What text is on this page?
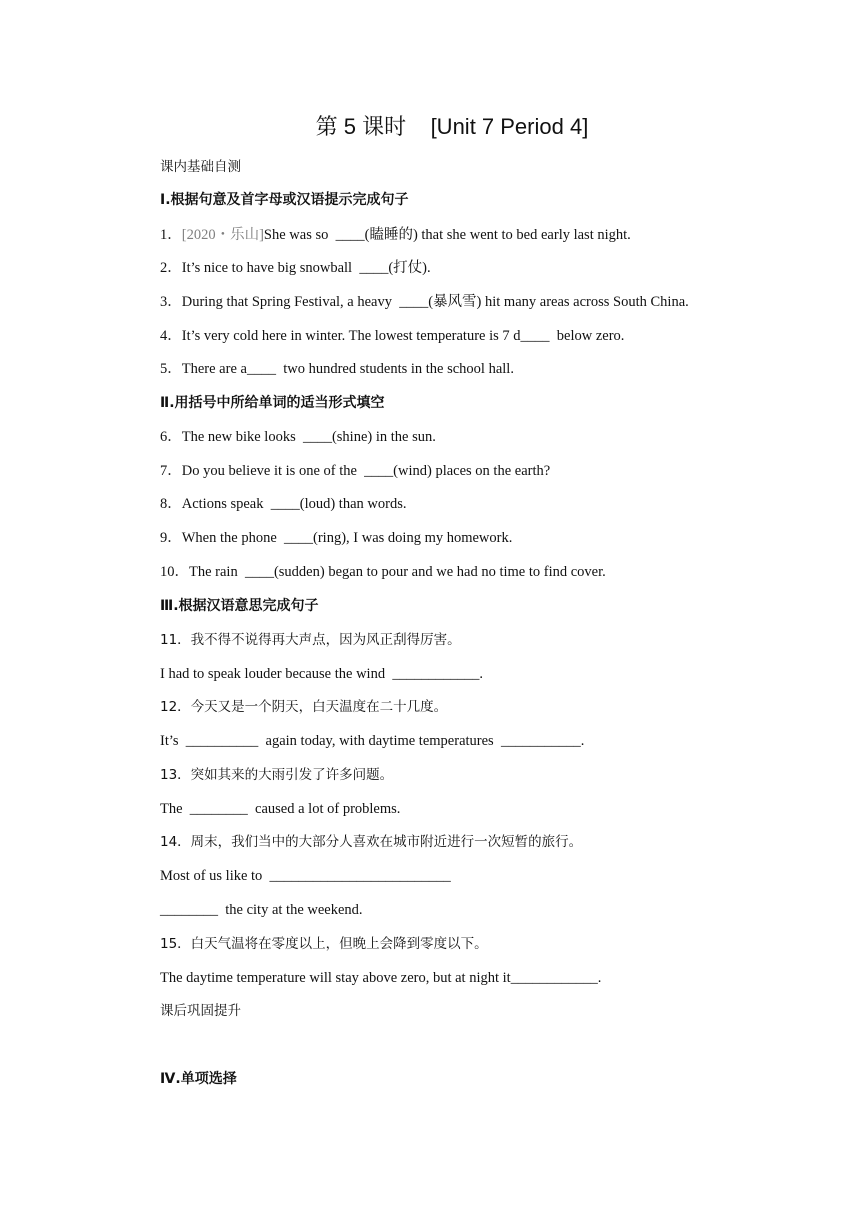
第 5 课时    [Unit 7 Period 4]
课内基础自测
Ⅰ.根据句意及首字母或汉语提示完成句子
1．[2020・乐山]She was so  ____(瞌睡的) that she went to bed early last night.
2．It’s nice to have big snowball  ____(打仗).
3．During that Spring Festival, a heavy  ____(暴风雪) hit many areas across South China.
4．It’s very cold here in winter. The lowest temperature is 7 d____  below zero.
5．There are a____  two hundred students in the school hall.
Ⅱ.用括号中所给单词的适当形式填空
6．The new bike looks  ____(shine) in the sun.
7．Do you believe it is one of the  ____(wind) places on the earth?
8．Actions speak  ____(loud) than words.
9．When the phone  ____(ring), I was doing my homework.
10．The rain  ____(sudden) began to pour and we had no time to find cover.
Ⅲ.根据汉语意思完成句子
11．我不得不说得再大声点，因为风正刮得厉害。
I had to speak louder because the wind  ____________.
12．今天又是一个阴天，白天温度在二十几度。
It’s  __________  again today, with daytime temperatures  ___________.
13．突如其来的大雨引发了许多问题。
The  ________  caused a lot of problems.
14．周末，我们当中的大部分人喜欢在城市附近进行一次短暂的旅行。
Most of us like to  _________________________
________  the city at the weekend.
15．白天气温将在零度以上，但晚上会降到零度以下。
The daytime temperature will stay above zero, but at night it____________.
课后巩固提升
Ⅳ.单项选择
